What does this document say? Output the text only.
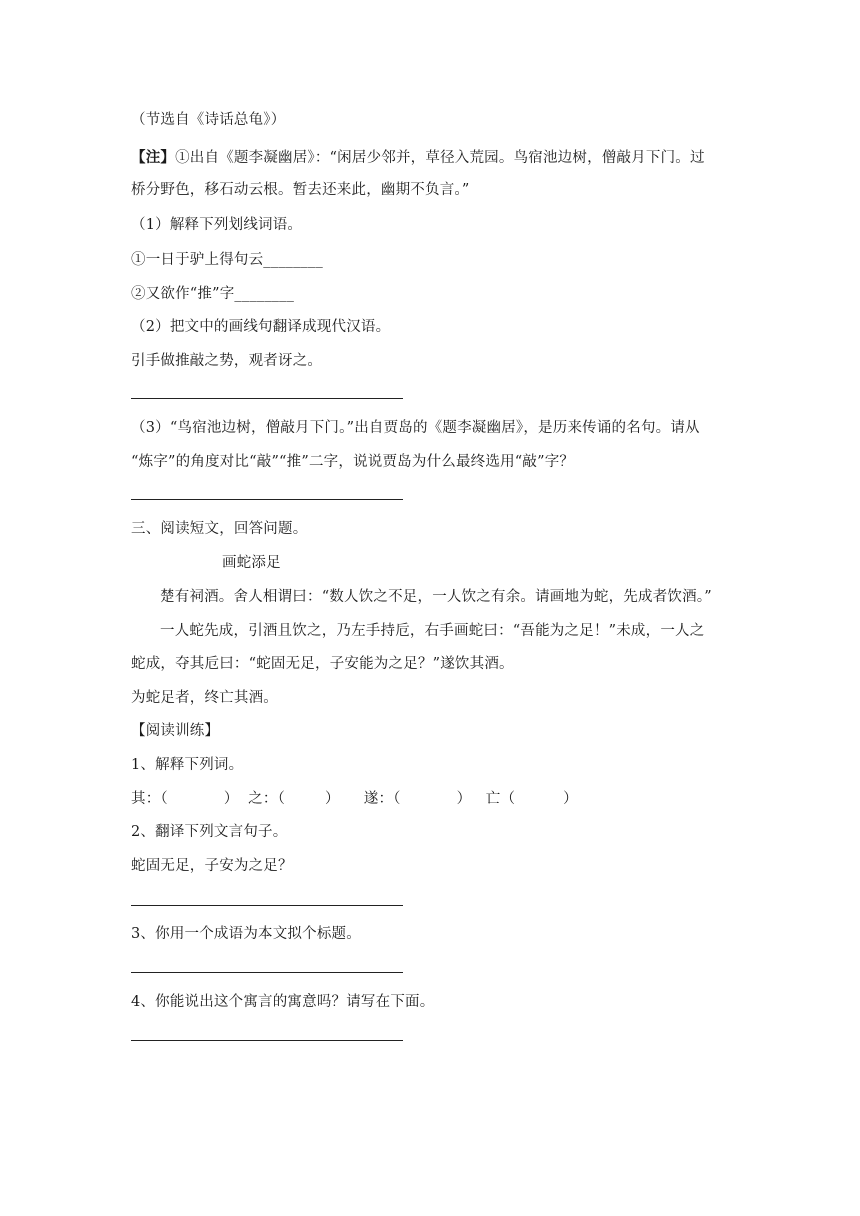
（节选自《诗话总龟》）

【注】①出自《题李凝幽居》：“闲居少邻并，草径入荒园。鸟宿池边树，僧敲月下门。过

桥分野色，移石动云根。暂去还来此，幽期不负言。”

（1）解释下列划线词语。

①一日于驴上得句云________

②又欲作“推”字________

（2）把文中的画线句翻译成现代汉语。

引手做推敲之势，观者讶之。

（3）“鸟宿池边树，僧敲月下门。”出自贾岛的《题李凝幽居》，是历来传诵的名句。请从

“炼字”的角度对比“敲”“推”二字，说说贾岛为什么最终选用“敲”字？

三、阅读短文，回答问题。

画蛇添足

楚有祠酒。舍人相谓曰：“数人饮之不足，一人饮之有余。请画地为蛇，先成者饮酒。”

一人蛇先成，引酒且饮之，乃左手持卮，右手画蛇曰：“吾能为之足！”未成，一人之

蛇成，夺其卮曰：“蛇固无足，子安能为之足？”遂饮其酒。

为蛇足者，终亡其酒。

【阅读训练】

1、解释下列词。

其：（	）  之：（	）     遂：（	）   亡（	）

2、翻译下列文言句子。

蛇固无足，子安为之足？

3、你用一个成语为本文拟个标题。

4、你能说出这个寓言的寓意吗？请写在下面。
